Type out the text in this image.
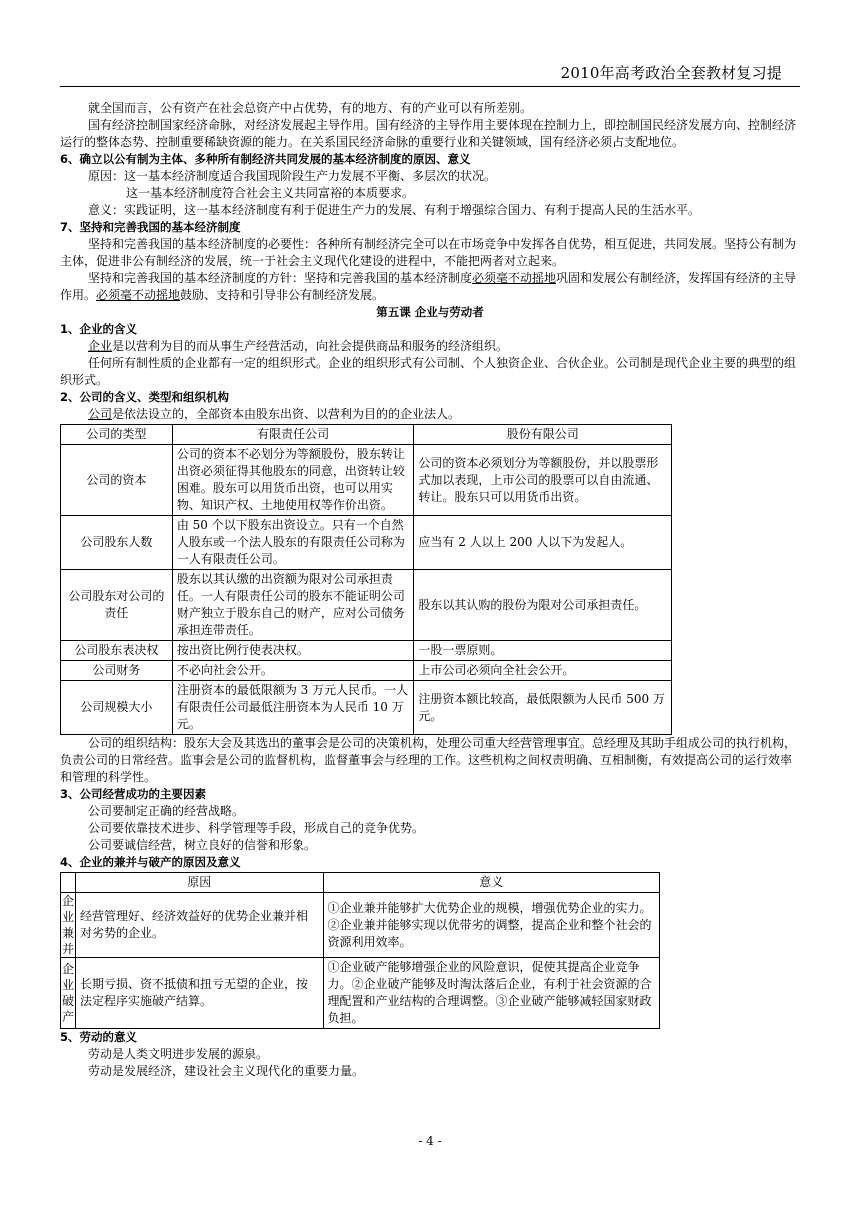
2010年高考政治全套教材复习提

就全国而言，公有资产在社会总资产中占优势，有的地方、有的产业可以有所差别。

国有经济控制国家经济命脉，对经济发展起主导作用。国有经济的主导作用主要体现在控制力上，即控制国民经济发展方向、控制经济运行的整体态势、控制重要稀缺资源的能力。在关系国民经济命脉的重要行业和关键领域，国有经济必须占支配地位。

6、确立以公有制为主体、多种所有制经济共同发展的基本经济制度的原因、意义

原因：这一基本经济制度适合我国现阶段生产力发展不平衡、多层次的状况。

这一基本经济制度符合社会主义共同富裕的本质要求。

意义：实践证明，这一基本经济制度有利于促进生产力的发展、有利于增强综合国力、有利于提高人民的生活水平。

7、坚持和完善我国的基本经济制度

坚持和完善我国的基本经济制度的必要性：各种所有制经济完全可以在市场竞争中发挥各自优势，相互促进，共同发展。坚持公有制为主体，促进非公有制经济的发展，统一于社会主义现代化建设的进程中，不能把两者对立起来。

坚持和完善我国的基本经济制度的方针：坚持和完善我国的基本经济制度必须毫不动摇地巩固和发展公有制经济，发挥国有经济的主导作用。必须毫不动摇地鼓励、支持和引导非公有制经济发展。

第五课 企业与劳动者

1、企业的含义

企业是以营利为目的而从事生产经营活动，向社会提供商品和服务的经济组织。

任何所有制性质的企业都有一定的组织形式。企业的组织形式有公司制、个人独资企业、合伙企业。公司制是现代企业主要的典型的组织形式。

2、公司的含义、类型和组织机构

公司是依法设立的，全部资本由股东出资、以营利为目的的企业法人。

公司的类型	有限责任公司	股份有限公司
公司的资本	公司的资本不必划分为等额股份，股东转让出资必须征得其他股东的同意，出资转让较困难。股东可以用货币出资，也可以用实物、知识产权、土地使用权等作价出资。	公司的资本必须划分为等额股份，并以股票形式加以表现，上市公司的股票可以自由流通、转让。股东只可以用货币出资。
公司股东人数	由 50 个以下股东出资设立。只有一个自然人股东或一个法人股东的有限责任公司称为一人有限责任公司。	应当有 2 人以上 200 人以下为发起人。
公司股东对公司的责任	股东以其认缴的出资额为限对公司承担责任。一人有限责任公司的股东不能证明公司财产独立于股东自己的财产，应对公司债务承担连带责任。	股东以其认购的股份为限对公司承担责任。
公司股东表决权	按出资比例行使表决权。	一股一票原则。
公司财务	不必向社会公开。	上市公司必须向全社会公开。
公司规模大小	注册资本的最低限额为 3 万元人民币。一人有限责任公司最低注册资本为人民币 10 万元。	注册资本额比较高，最低限额为人民币 500 万元。

公司的组织结构：股东大会及其选出的董事会是公司的决策机构，处理公司重大经营管理事宜。总经理及其助手组成公司的执行机构，负责公司的日常经营。监事会是公司的监督机构，监督董事会与经理的工作。这些机构之间权责明确、互相制衡，有效提高公司的运行效率和管理的科学性。

3、公司经营成功的主要因素

公司要制定正确的经营战略。

公司要依靠技术进步、科学管理等手段，形成自己的竞争优势。

公司要诚信经营，树立良好的信誉和形象。

4、企业的兼并与破产的原因及意义

	原因	意义
企业兼并	经营管理好、经济效益好的优势企业兼并相对劣势的企业。	①企业兼并能够扩大优势企业的规模，增强优势企业的实力。②企业兼并能够实现以优带劣的调整，提高企业和整个社会的资源利用效率。
企业破产	长期亏损、资不抵债和扭亏无望的企业，按法定程序实施破产结算。	①企业破产能够增强企业的风险意识，促使其提高企业竞争力。②企业破产能够及时淘汰落后企业，有利于社会资源的合理配置和产业结构的合理调整。③企业破产能够减轻国家财政负担。

5、劳动的意义

劳动是人类文明进步发展的源泉。

劳动是发展经济，建设社会主义现代化的重要力量。

- 4 -
